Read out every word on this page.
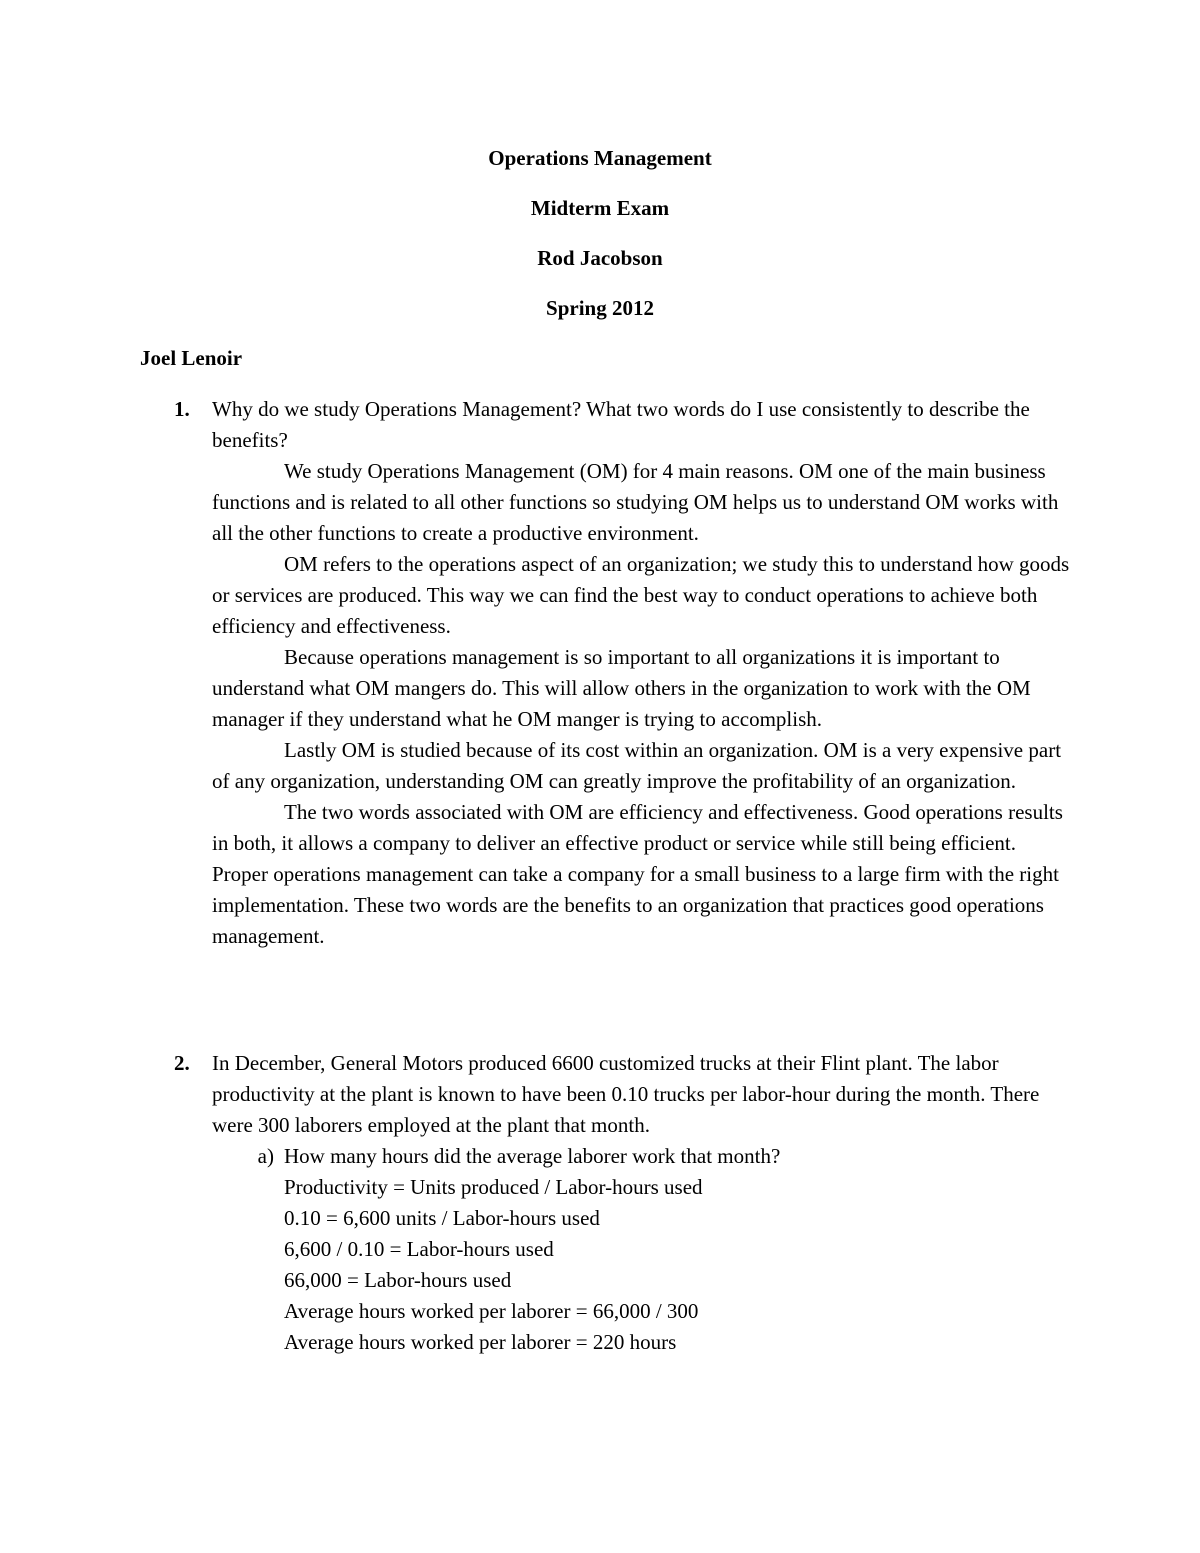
Operations Management
Midterm Exam
Rod Jacobson
Spring 2012
Joel Lenoir
1. Why do we study Operations Management? What two words do I use consistently to describe the benefits?

We study Operations Management (OM) for 4 main reasons. OM one of the main business functions and is related to all other functions so studying OM helps us to understand OM works with all the other functions to create a productive environment.

OM refers to the operations aspect of an organization; we study this to understand how goods or services are produced. This way we can find the best way to conduct operations to achieve both efficiency and effectiveness.

Because operations management is so important to all organizations it is important to understand what OM mangers do. This will allow others in the organization to work with the OM manager if they understand what he OM manger is trying to accomplish.

Lastly OM is studied because of its cost within an organization. OM is a very expensive part of any organization, understanding OM can greatly improve the profitability of an organization.

The two words associated with OM are efficiency and effectiveness. Good operations results in both, it allows a company to deliver an effective product or service while still being efficient. Proper operations management can take a company for a small business to a large firm with the right implementation. These two words are the benefits to an organization that practices good operations management.

2. In December, General Motors produced 6600 customized trucks at their Flint plant. The labor productivity at the plant is known to have been 0.10 trucks per labor-hour during the month. There were 300 laborers employed at the plant that month.

a) How many hours did the average laborer work that month?
Productivity = Units produced / Labor-hours used
0.10 = 6,600 units / Labor-hours used
6,600 / 0.10 = Labor-hours used
66,000 = Labor-hours used
Average hours worked per laborer = 66,000 / 300
Average hours worked per laborer = 220 hours
